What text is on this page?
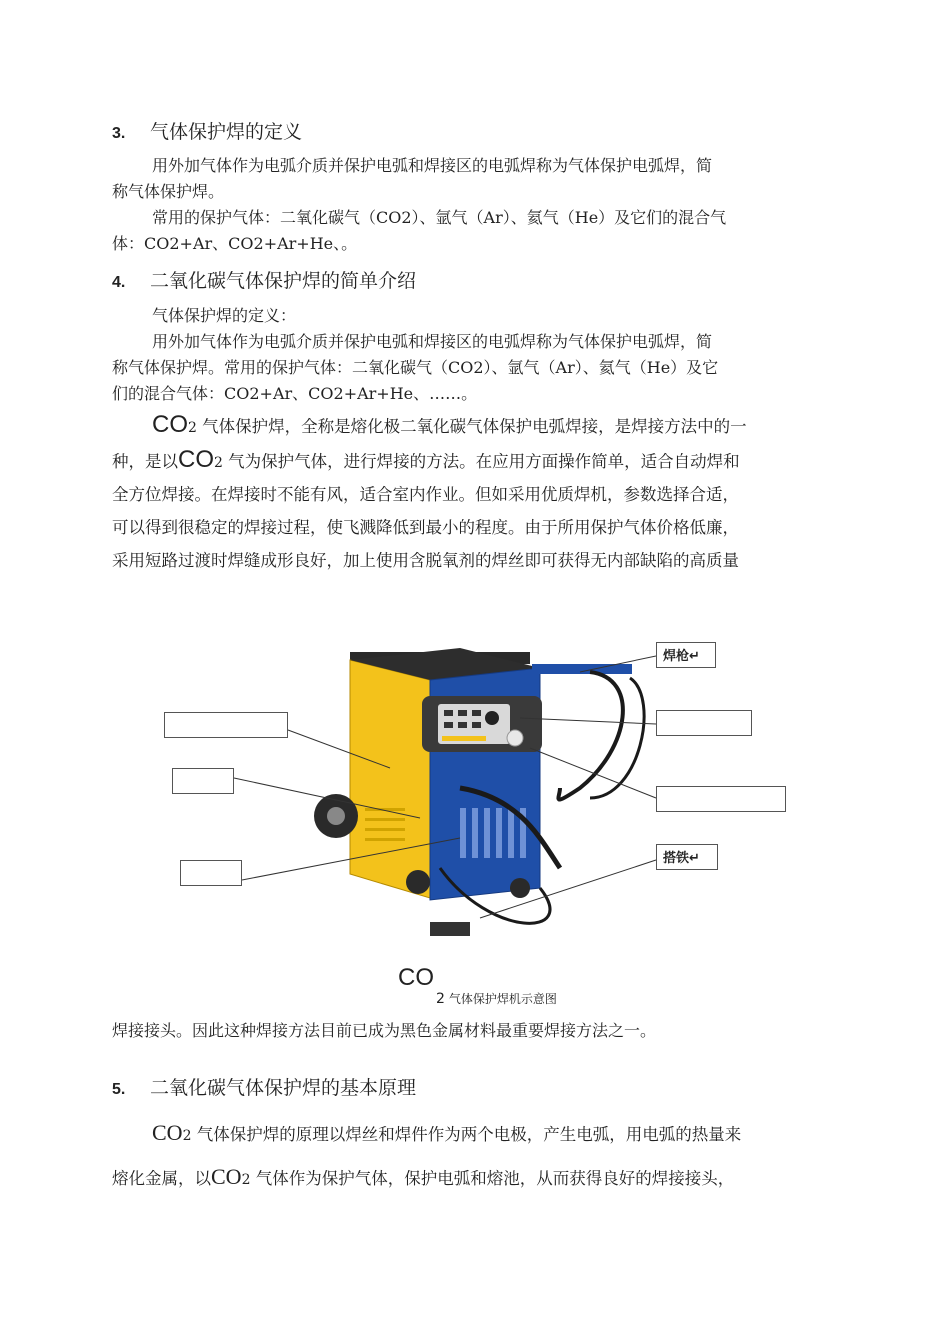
3. 气体保护焊的定义
用外加气体作为电弧介质并保护电弧和焊接区的电弧焊称为气体保护电弧焊，简
称气体保护焊。
常用的保护气体：二氧化碳气（CO2）、氩气（Ar）、氦气（He）及它们的混合气
体：CO2+Ar、CO2+Ar+He、。
4. 二氧化碳气体保护焊的简单介绍
气体保护焊的定义：
用外加气体作为电弧介质并保护电弧和焊接区的电弧焊称为气体保护电弧焊，简
称气体保护焊。常用的保护气体：二氧化碳气（CO2）、氩气（Ar）、氦气（He）及它
们的混合气体：CO2+Ar、CO2+Ar+He、……。
CO2 气体保护焊，全称是熔化极二氧化碳气体保护电弧焊接，是焊接方法中的一
种，是以CO2 气为保护气体，进行焊接的方法。在应用方面操作简单，适合自动焊和
全方位焊接。在焊接时不能有风，适合室内作业。但如采用优质焊机，参数选择合适，
可以得到很稳定的焊接过程，使飞溅降低到最小的程度。由于所用保护气体价格低廉，
采用短路过渡时焊缝成形良好，加上使用含脱氧剂的焊丝即可获得无内部缺陷的高质量
焊枪↵
搭铁↵
CO
2 气体保护焊机示意图
焊接接头。因此这种焊接方法目前已成为黑色金属材料最重要焊接方法之一。
5. 二氧化碳气体保护焊的基本原理
CO2 气体保护焊的原理以焊丝和焊件作为两个电极，产生电弧，用电弧的热量来
熔化金属，以CO2 气体作为保护气体，保护电弧和熔池，从而获得良好的焊接接头，
